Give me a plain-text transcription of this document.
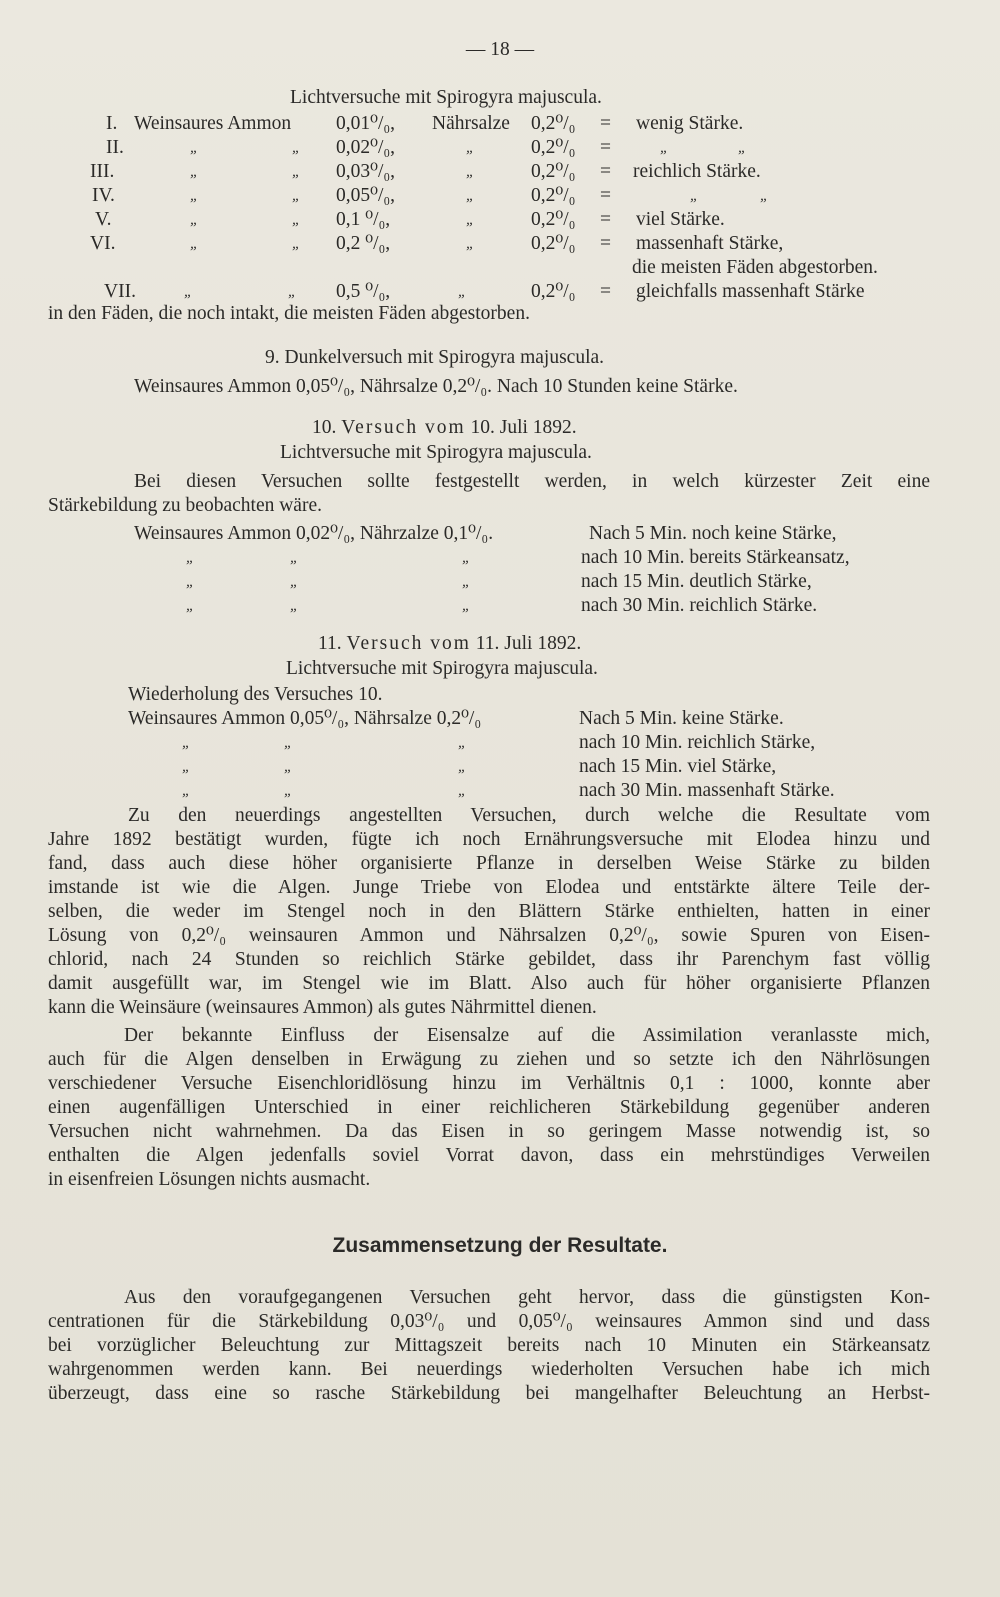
— 18 —
Lichtversuche mit Spirogyra majuscula.
I. Weinsaures Ammon 0,01⁰/₀, Nährsalze 0,2⁰/₀ = wenig Stärke.
II.	„	„ 0,02⁰/₀,	„	0,2⁰/₀ =	„	„
III.	„	„ 0,03⁰/₀,	„	0,2⁰/₀ = reichlich Stärke.
IV.	„	„ 0,05⁰/₀,	„	0,2⁰/₀ =	„	„
V.	„	„ 0,1 ⁰/₀,	„	0,2⁰/₀ = viel Stärke.
VI.	„	„ 0,2 ⁰/₀,	„	0,2⁰/₀ = massenhaft Stärke,
die meisten Fäden abgestorben.
VII.	„	„ 0,5 ⁰/₀,	„	0,2⁰/₀ = gleichfalls massenhaft Stärke
in den Fäden, die noch intakt, die meisten Fäden abgestorben.
9. Dunkelversuch mit Spirogyra majuscula.
Weinsaures Ammon 0,05⁰/₀, Nährsalze 0,2⁰/₀. Nach 10 Stunden keine Stärke.
10. Versuch vom 10. Juli 1892.
Lichtversuche mit Spirogyra majuscula.
Bei diesen Versuchen sollte festgestellt werden, in welch kürzester Zeit eine
Stärkebildung zu beobachten wäre.
Weinsaures Ammon 0,02⁰/₀, Nährzalze 0,1⁰/₀.	Nach 5 Min. noch keine Stärke,
„	„	„	nach 10 Min. bereits Stärkeansatz,
„	„	„	nach 15 Min. deutlich Stärke,
„	„	„	nach 30 Min. reichlich Stärke.
11. Versuch vom 11. Juli 1892.
Lichtversuche mit Spirogyra majuscula.
Wiederholung des Versuches 10.
Weinsaures Ammon 0,05⁰/₀, Nährsalze 0,2⁰/₀	Nach 5 Min. keine Stärke.
„	„	„	nach 10 Min. reichlich Stärke,
„	„	„	nach 15 Min. viel Stärke,
„	„	„	nach 30 Min. massenhaft Stärke.
Zu den neuerdings angestellten Versuchen, durch welche die Resultate vom
Jahre 1892 bestätigt wurden, fügte ich noch Ernährungsversuche mit Elodea hinzu und
fand, dass auch diese höher organisierte Pflanze in derselben Weise Stärke zu bilden
imstande ist wie die Algen. Junge Triebe von Elodea und entstärkte ältere Teile der-
selben, die weder im Stengel noch in den Blättern Stärke enthielten, hatten in einer
Lösung von 0,2⁰/₀ weinsauren Ammon und Nährsalzen 0,2⁰/₀, sowie Spuren von Eisen-
chlorid, nach 24 Stunden so reichlich Stärke gebildet, dass ihr Parenchym fast völlig
damit ausgefüllt war, im Stengel wie im Blatt. Also auch für höher organisierte Pflanzen
kann die Weinsäure (weinsaures Ammon) als gutes Nährmittel dienen.
Der bekannte Einfluss der Eisensalze auf die Assimilation veranlasste mich,
auch für die Algen denselben in Erwägung zu ziehen und so setzte ich den Nährlösungen
verschiedener Versuche Eisenchloridlösung hinzu im Verhältnis 0,1 : 1000, konnte aber
einen augenfälligen Unterschied in einer reichlicheren Stärkebildung gegenüber anderen
Versuchen nicht wahrnehmen. Da das Eisen in so geringem Masse notwendig ist, so
enthalten die Algen jedenfalls soviel Vorrat davon, dass ein mehrstündiges Verweilen
in eisenfreien Lösungen nichts ausmacht.
Zusammensetzung der Resultate.
Aus den voraufgegangenen Versuchen geht hervor, dass die günstigsten Kon-
centrationen für die Stärkebildung 0,03⁰/₀ und 0,05⁰/₀ weinsaures Ammon sind und dass
bei vorzüglicher Beleuchtung zur Mittagszeit bereits nach 10 Minuten ein Stärkeansatz
wahrgenommen werden kann. Bei neuerdings wiederholten Versuchen habe ich mich
überzeugt, dass eine so rasche Stärkebildung bei mangelhafter Beleuchtung an Herbst-
